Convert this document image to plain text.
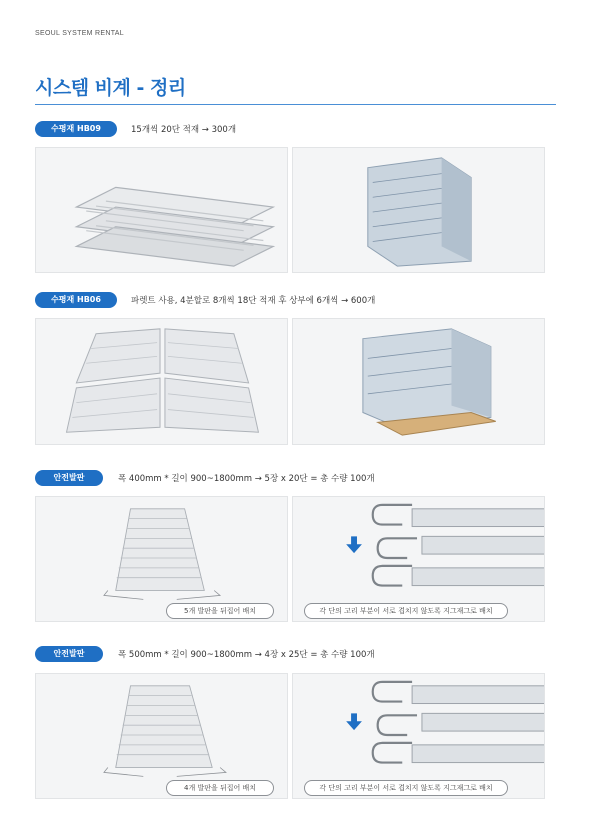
SEOUL SYSTEM RENTAL
시스템 비계 - 정리
수평재 HB09	15개씩 20단 적재 → 300개
수평재 HB06	파렛트 사용, 4분할로 8개씩 18단 적재 후 상부에 6개씩 → 600개
안전발판	폭 400mm * 길이 900~1800mm → 5장 x 20단 = 총 수량 100개
5개 발판을 뒤집어 배치	각 단의 고리 부분이 서로 겹치지 않도록 지그재그로 배치
안전발판	폭 500mm * 길이 900~1800mm → 4장 x 25단 = 총 수량 100개
4개 발판을 뒤집어 배치	각 단의 고리 부분이 서로 겹치지 않도록 지그재그로 배치
